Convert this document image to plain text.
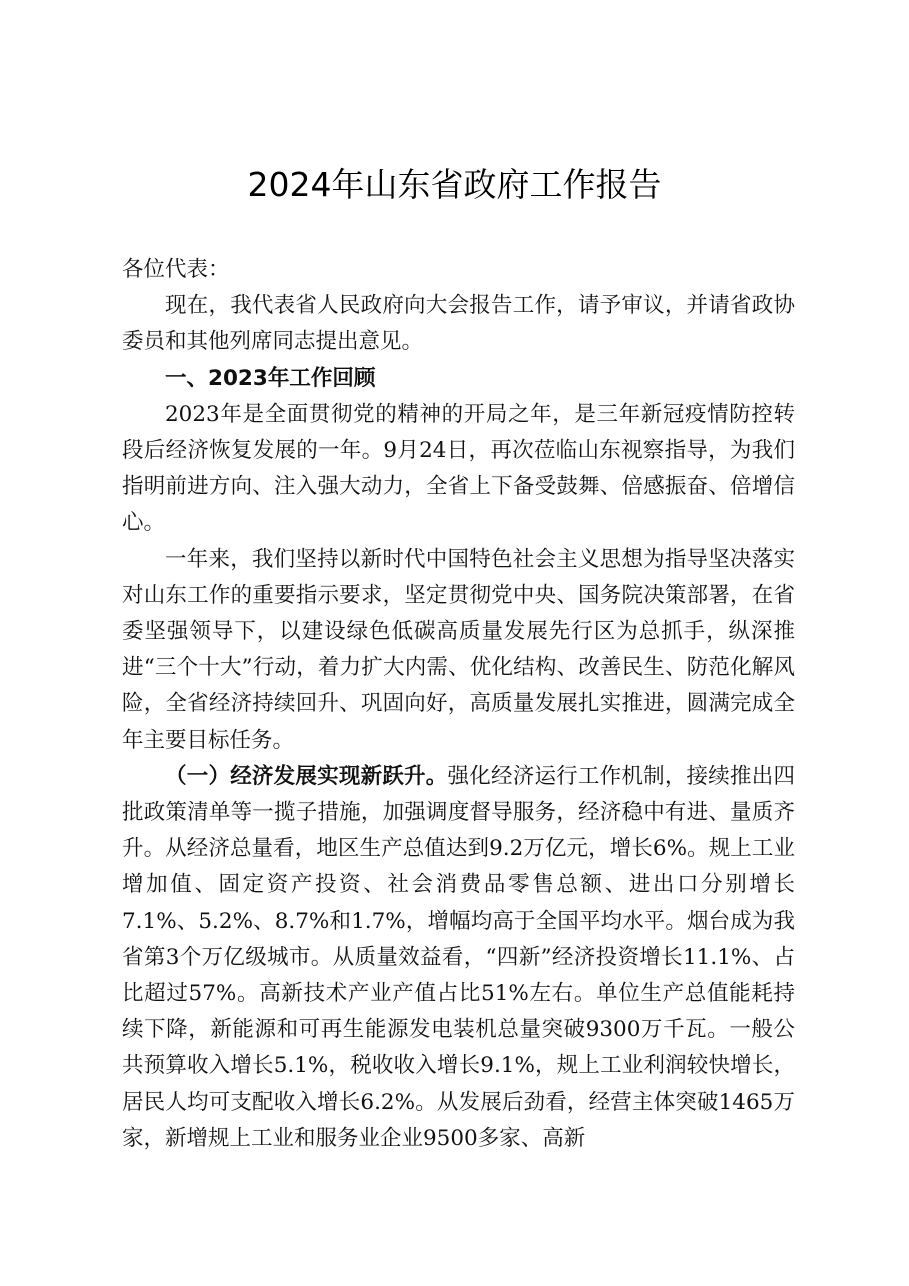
2024年山东省政府工作报告

各位代表：

现在，我代表省人民政府向大会报告工作，请予审议，并请省政协委员和其他列席同志提出意见。

一、2023年工作回顾

2023年是全面贯彻党的精神的开局之年，是三年新冠疫情防控转段后经济恢复发展的一年。9月24日，再次莅临山东视察指导，为我们指明前进方向、注入强大动力，全省上下备受鼓舞、倍感振奋、倍增信心。

一年来，我们坚持以新时代中国特色社会主义思想为指导坚决落实对山东工作的重要指示要求，坚定贯彻党中央、国务院决策部署，在省委坚强领导下，以建设绿色低碳高质量发展先行区为总抓手，纵深推进“三个十大”行动，着力扩大内需、优化结构、改善民生、防范化解风险，全省经济持续回升、巩固向好，高质量发展扎实推进，圆满完成全年主要目标任务。

（一）经济发展实现新跃升。强化经济运行工作机制，接续推出四批政策清单等一揽子措施，加强调度督导服务，经济稳中有进、量质齐升。从经济总量看，地区生产总值达到9.2万亿元，增长6%。规上工业增加值、固定资产投资、社会消费品零售总额、进出口分别增长7.1%、5.2%、8.7%和1.7%，增幅均高于全国平均水平。烟台成为我省第3个万亿级城市。从质量效益看，“四新”经济投资增长11.1%、占比超过57%。高新技术产业产值占比51%左右。单位生产总值能耗持续下降，新能源和可再生能源发电装机总量突破9300万千瓦。一般公共预算收入增长5.1%，税收收入增长9.1%，规上工业利润较快增长，居民人均可支配收入增长6.2%。从发展后劲看，经营主体突破1465万家，新增规上工业和服务业企业9500多家、高新
